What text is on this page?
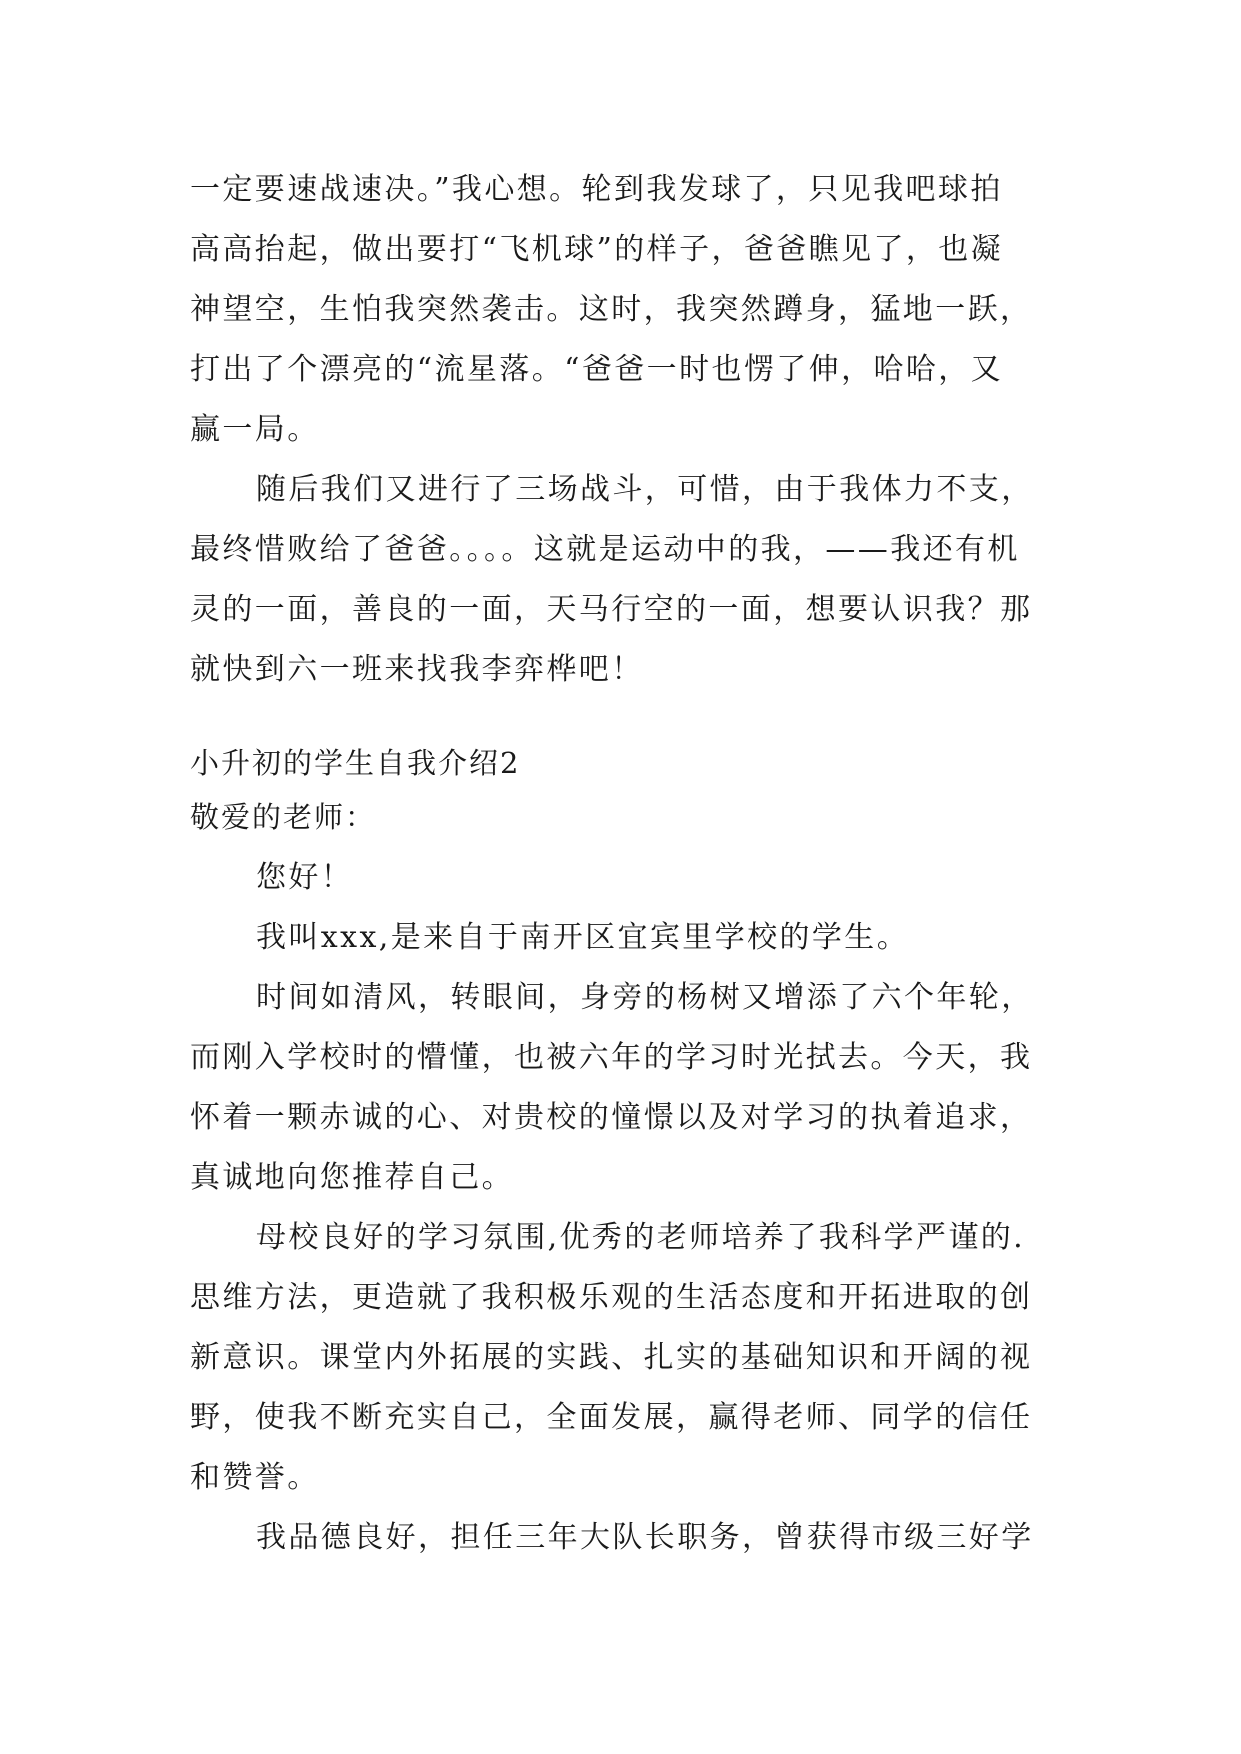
一定要速战速决。”我心想。轮到我发球了，只见我吧球拍
高高抬起，做出要打“飞机球”的样子，爸爸瞧见了，也凝
神望空，生怕我突然袭击。这时，我突然蹲身，猛地一跃，
打出了个漂亮的“流星落。“爸爸一时也愣了伸，哈哈，又
赢一局。
随后我们又进行了三场战斗，可惜，由于我体力不支，
最终惜败给了爸爸。。。。这就是运动中的我，——我还有机
灵的一面，善良的一面，天马行空的一面，想要认识我？那
就快到六一班来找我李弈桦吧！
小升初的学生自我介绍2
敬爱的老师：
您好！
我叫xxx,是来自于南开区宜宾里学校的学生。
时间如清风，转眼间，身旁的杨树又增添了六个年轮，
而刚入学校时的懵懂，也被六年的学习时光拭去。今天，我
怀着一颗赤诚的心、对贵校的憧憬以及对学习的执着追求，
真诚地向您推荐自己。
母校良好的学习氛围,优秀的老师培养了我科学严谨的.
思维方法，更造就了我积极乐观的生活态度和开拓进取的创
新意识。课堂内外拓展的实践、扎实的基础知识和开阔的视
野，使我不断充实自己，全面发展，赢得老师、同学的信任
和赞誉。
我品德良好，担任三年大队长职务，曾获得市级三好学
